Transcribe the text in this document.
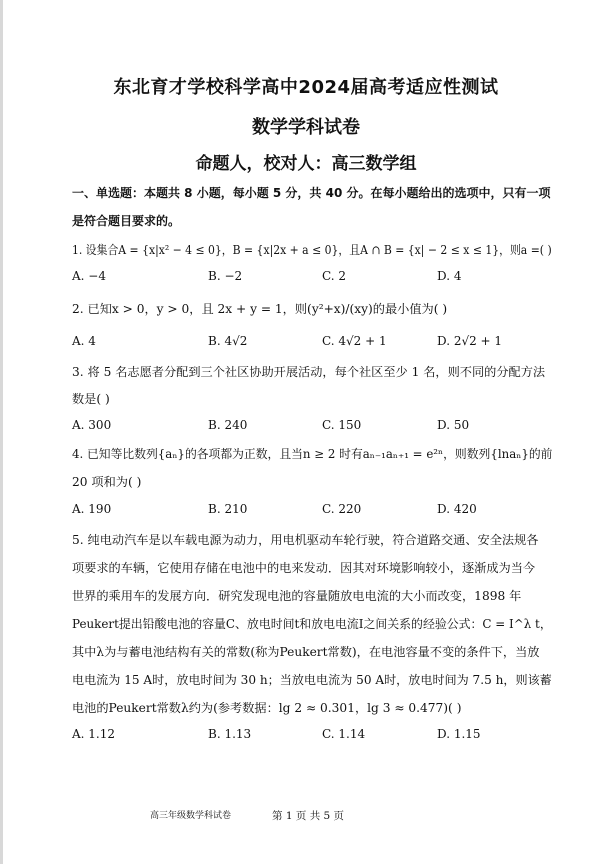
东北育才学校科学高中2024届高考适应性测试
数学学科试卷
命题人，校对人：高三数学组
一、单选题：本题共 8 小题，每小题 5 分，共 40 分。在每小题给出的选项中，只有一项
是符合题目要求的。
1. 设集合A = {x|x² − 4 ≤ 0}，B = {x|2x + a ≤ 0}，且A ∩ B = {x| − 2 ≤ x ≤ 1}，则a =( )
A. −4	B. −2	C. 2	D. 4
2. 已知x > 0，y > 0，且 2x + y = 1，则(y²+x)/(xy)的最小值为( )
A. 4	B. 4√2	C. 4√2 + 1	D. 2√2 + 1
3. 将 5 名志愿者分配到三个社区协助开展活动，每个社区至少 1 名，则不同的分配方法
数是( )
A. 300	B. 240	C. 150	D. 50
4. 已知等比数列{aₙ}的各项都为正数，且当n ≥ 2 时有aₙ₋₁aₙ₊₁ = e²ⁿ，则数列{lnaₙ}的前
20 项和为( )
A. 190	B. 210	C. 220	D. 420
5. 纯电动汽车是以车载电源为动力，用电机驱动车轮行驶，符合道路交通、安全法规各
项要求的车辆，它使用存储在电池中的电来发动．因其对环境影响较小，逐渐成为当今
世界的乘用车的发展方向．研究发现电池的容量随放电电流的大小而改变，1898 年
Peukert提出铅酸电池的容量C、放电时间t和放电电流I之间关系的经验公式：C = I^λ t，
其中λ为与蓄电池结构有关的常数(称为Peukert常数)，在电池容量不变的条件下，当放
电电流为 15 A时，放电时间为 30 h；当放电电流为 50 A时，放电时间为 7.5 h，则该蓄
电池的Peukert常数λ约为(参考数据：lg 2 ≈ 0.301，lg 3 ≈ 0.477)( )
A. 1.12	B. 1.13	C. 1.14	D. 1.15
高三年级数学科试卷	第 1 页 共 5 页
